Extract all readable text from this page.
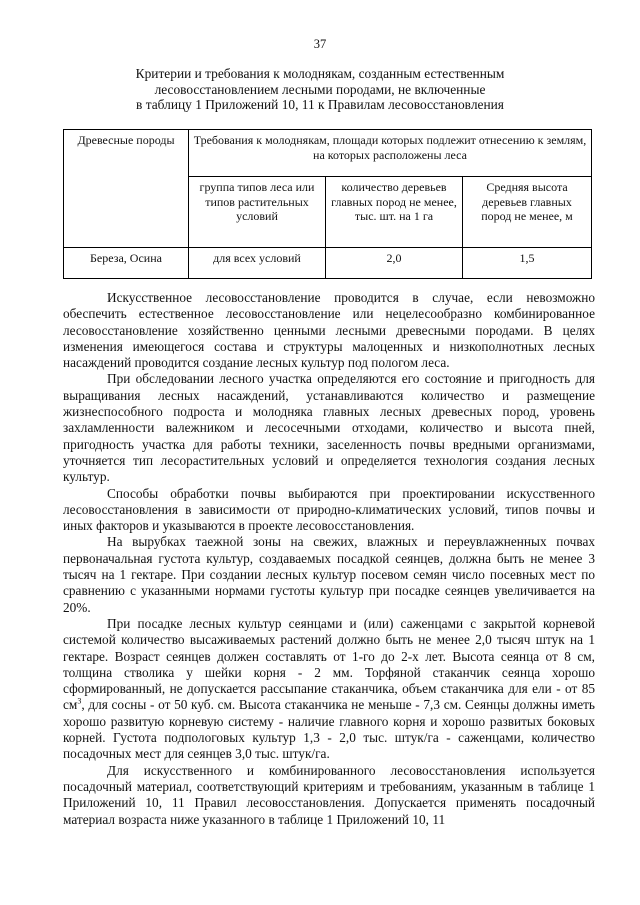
37
Критерии и требования к молоднякам, созданным естественным
лесовосстановлением лесными породами, не включенные
в таблицу 1 Приложений 10, 11 к Правилам лесовосстановления
Древесные породы	Требования к молоднякам, площади которых подлежит отнесению к землям, на которых расположены леса		
	группа типов леса или типов растительных условий	количество деревьев главных пород не менее, тыс. шт. на 1 га	Средняя высота деревьев главных пород не менее, м
Береза, Осина	для всех условий	2,0	1,5

Искусственное лесовосстановление проводится в случае, если невозможно обеспечить естественное лесовосстановление или нецелесообразно комбинированное лесовосстановление хозяйственно ценными лесными древесными породами. В целях изменения имеющегося состава и структуры малоценных и низкополнотных лесных насаждений проводится создание лесных культур под пологом леса.

При обследовании лесного участка определяются его состояние и пригодность для выращивания лесных насаждений, устанавливаются количество и размещение жизнеспособного подроста и молодняка главных лесных древесных пород, уровень захламленности валежником и лесосечными отходами, количество и высота пней, пригодность участка для работы техники, заселенность почвы вредными организмами, уточняется тип лесорастительных условий и определяется технология создания лесных культур.

Способы обработки почвы выбираются при проектировании искусственного лесовосстановления в зависимости от природно-климатических условий, типов почвы и иных факторов и указываются в проекте лесовосстановления.

На вырубках таежной зоны на свежих, влажных и переувлажненных почвах первоначальная густота культур, создаваемых посадкой сеянцев, должна быть не менее 3 тысяч на 1 гектаре. При создании лесных культур посевом семян число посевных мест по сравнению с указанными нормами густоты культур при посадке сеянцев увеличивается на 20%.

При посадке лесных культур сеянцами и (или) саженцами с закрытой корневой системой количество высаживаемых растений должно быть не менее 2,0 тысяч штук на 1 гектаре. Возраст сеянцев должен составлять от 1-го до 2-х лет. Высота сеянца от 8 см, толщина стволика у шейки корня - 2 мм. Торфяной стаканчик сеянца хорошо сформированный, не допускается рассыпание стаканчика, объем стаканчика для ели - от 85 $см^3$, для сосны - от 50 куб. см. Высота стаканчика не меньше - 7,3 см. Сеянцы должны иметь хорошо развитую корневую систему - наличие главного корня и хорошо развитых боковых корней. Густота подпологовых культур 1,3 - 2,0 тыс. штук/га - саженцами, количество посадочных мест для сеянцев 3,0 тыс. штук/га.

Для искусственного и комбинированного лесовосстановления используется посадочный материал, соответствующий критериям и требованиям, указанным в таблице 1 Приложений 10, 11 Правил лесовосстановления. Допускается применять посадочный материал возраста ниже указанного в таблице 1 Приложений 10, 11
